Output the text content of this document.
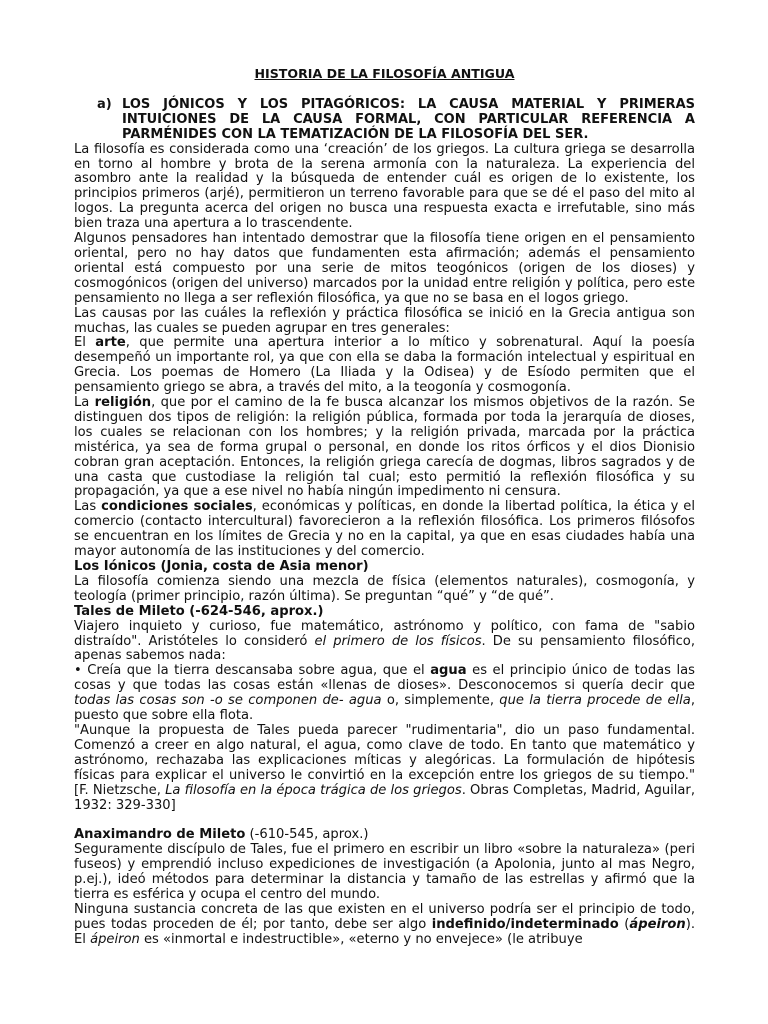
HISTORIA DE LA FILOSOFÍA ANTIGUA
a) LOS JÓNICOS Y LOS PITAGÓRICOS: LA CAUSA MATERIAL Y PRIMERAS INTUICIONES DE LA CAUSA FORMAL, CON PARTICULAR REFERENCIA A PARMÉNIDES CON LA TEMATIZACIÓN DE LA FILOSOFÍA DEL SER.

La filosofía es considerada como una ‘creación’ de los griegos. La cultura griega se desarrolla en torno al hombre y brota de la serena armonía con la naturaleza. La experiencia del asombro ante la realidad y la búsqueda de entender cuál es origen de lo existente, los principios primeros (arjé), permitieron un terreno favorable para que se dé el paso del mito al logos. La pregunta acerca del origen no busca una respuesta exacta e irrefutable, sino más bien traza una apertura a lo trascendente.

Algunos pensadores han intentado demostrar que la filosofía tiene origen en el pensamiento oriental, pero no hay datos que fundamenten esta afirmación; además el pensamiento oriental está compuesto por una serie de mitos teogónicos (origen de los dioses) y cosmogónicos (origen del universo) marcados por la unidad entre religión y política, pero este pensamiento no llega a ser reflexión filosófica, ya que no se basa en el logos griego.

Las causas por las cuáles la reflexión y práctica filosófica se inició en la Grecia antigua son muchas, las cuales se pueden agrupar en tres generales:

El arte, que permite una apertura interior a lo mítico y sobrenatural. Aquí la poesía desempeñó un importante rol, ya que con ella se daba la formación intelectual y espiritual en Grecia. Los poemas de Homero (La Iliada y la Odisea) y de Esíodo permiten que el pensamiento griego se abra, a través del mito, a la teogonía y cosmogonía.

La religión, que por el camino de la fe busca alcanzar los mismos objetivos de la razón. Se distinguen dos tipos de religión: la religión pública, formada por toda la jerarquía de dioses, los cuales se relacionan con los hombres; y la religión privada, marcada por la práctica mistérica, ya sea de forma grupal o personal, en donde los ritos órficos y el dios Dionisio cobran gran aceptación. Entonces, la religión griega carecía de dogmas, libros sagrados y de una casta que custodiase la religión tal cual; esto permitió la reflexión filosófica y su propagación, ya que a ese nivel no había ningún impedimento ni censura.

Las condiciones sociales, económicas y políticas, en donde la libertad política, la ética y el comercio (contacto intercultural) favorecieron a la reflexión filosófica. Los primeros filósofos se encuentran en los límites de Grecia y no en la capital, ya que en esas ciudades había una mayor autonomía de las instituciones y del comercio.

Los Iónicos (Jonia, costa de Asia menor)

La filosofía comienza siendo una mezcla de física (elementos naturales), cosmogonía, y teología (primer principio, razón última). Se preguntan “qué” y “de qué”.

Tales de Mileto (-624-546, aprox.)

Viajero inquieto y curioso, fue matemático, astrónomo y político, con fama de "sabio distraído". Aristóteles lo consideró el primero de los físicos. De su pensamiento filosófico, apenas sabemos nada:

• Creía que la tierra descansaba sobre agua, que el agua es el principio único de todas las cosas y que todas las cosas están «llenas de dioses». Desconocemos si quería decir que todas las cosas son -o se componen de- agua o, simplemente, que la tierra procede de ella, puesto que sobre ella flota.

"Aunque la propuesta de Tales pueda parecer "rudimentaria", dio un paso fundamental. Comenzó a creer en algo natural, el agua, como clave de todo. En tanto que matemático y astrónomo, rechazaba las explicaciones míticas y alegóricas. La formulación de hipótesis físicas para explicar el universo le convirtió en la excepción entre los griegos de su tiempo." [F. Nietzsche, La filosofía en la época trágica de los griegos. Obras Completas, Madrid, Aguilar, 1932: 329-330]

Anaximandro de Mileto (-610-545, aprox.)

Seguramente discípulo de Tales, fue el primero en escribir un libro «sobre la naturaleza» (peri fuseos) y emprendió incluso expediciones de investigación (a Apolonia, junto al mas Negro, p.ej.), ideó métodos para determinar la distancia y tamaño de las estrellas y afirmó que la tierra es esférica y ocupa el centro del mundo.

Ninguna sustancia concreta de las que existen en el universo podría ser el principio de todo, pues todas proceden de él; por tanto, debe ser algo indefinido/indeterminado (ápeiron). El ápeiron es «inmortal e indestructible», «eterno y no envejece» (le atribuye
